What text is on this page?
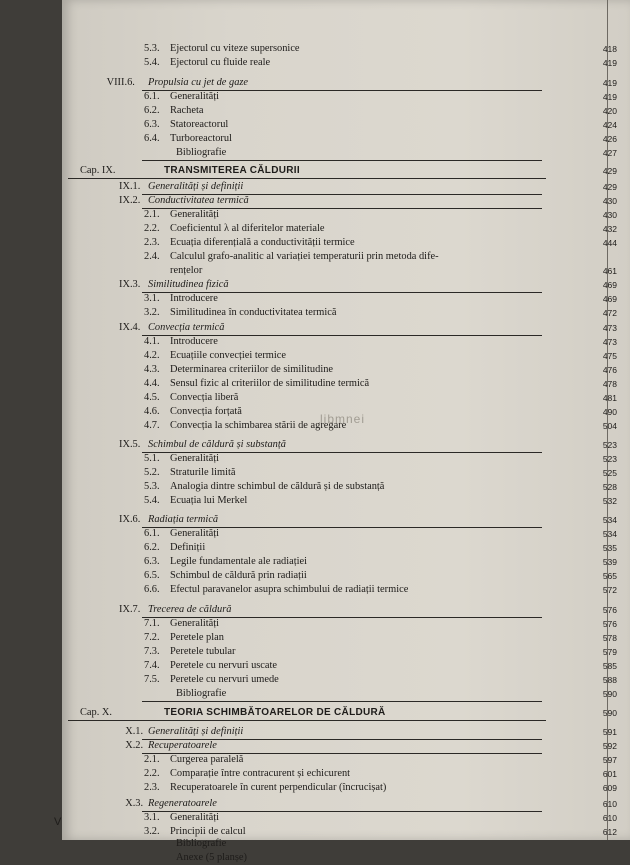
5.3. Ejectorul cu viteze supersonice	418
5.4. Ejectorul cu fluide reale	419
VIII.6. Propulsia cu jet de gaze	419
6.1. Generalități	419
6.2. Racheta	420
6.3. Statoreactorul	424
6.4. Turboreactorul	426
Bibliografie	427
Cap. IX.	TRANSMITEREA CĂLDURII	429
IX.1. Generalități și definiții	429
IX.2. Conductivitatea termică	430
2.1. Generalități	430
2.2. Coeficientul λ al diferitelor materiale	432
2.3. Ecuația diferențială a conductivității termice	444
2.4. Calculul grafo-analitic al variației temperaturii prin metoda dife-
rențelor	461
IX.3. Similitudinea fizică	469
3.1. Introducere	469
3.2. Similitudinea în conductivitatea termică	472
IX.4. Convecția termică	473
4.1. Introducere	473
4.2. Ecuațiile convecției termice	475
4.3. Determinarea criteriilor de similitudine	476
4.4. Sensul fizic al criteriilor de similitudine termică	478
4.5. Convecția liberă	481
4.6. Convecția forțată	490
4.7. Convecția la schimbarea stării de agregare	504
IX.5. Schimbul de căldură și substanță	523
5.1. Generalități	523
5.2. Straturile limită	525
5.3. Analogia dintre schimbul de căldură și de substanță	528
5.4. Ecuația lui Merkel	532
IX.6. Radiația termică	534
6.1. Generalități	534
6.2. Definiții	535
6.3. Legile fundamentale ale radiației	539
6.5. Schimbul de căldură prin radiații	565
6.6. Efectul paravanelor asupra schimbului de radiații termice	572
IX.7. Trecerea de căldură	576
7.1. Generalități	576
7.2. Peretele plan	578
7.3. Peretele tubular	579
7.4. Peretele cu nervuri uscate	585
7.5. Peretele cu nervuri umede	588
Bibliografie	590
Cap. X.	TEORIA SCHIMBĂTOARELOR DE CĂLDURĂ	590
X.1. Generalități și definiții	591
X.2. Recuperatoarele	592
2.1. Curgerea paralelă	597
2.2. Comparație între contracurent și echicurent	601
2.3. Recuperatoarele în curent perpendicular (încrucișat)	609
X.3. Regeneratoarele	610
3.1. Generalități	610
3.2. Principii de calcul	612
Bibliografie
Anexe (5 planșe)
libmnei
V
